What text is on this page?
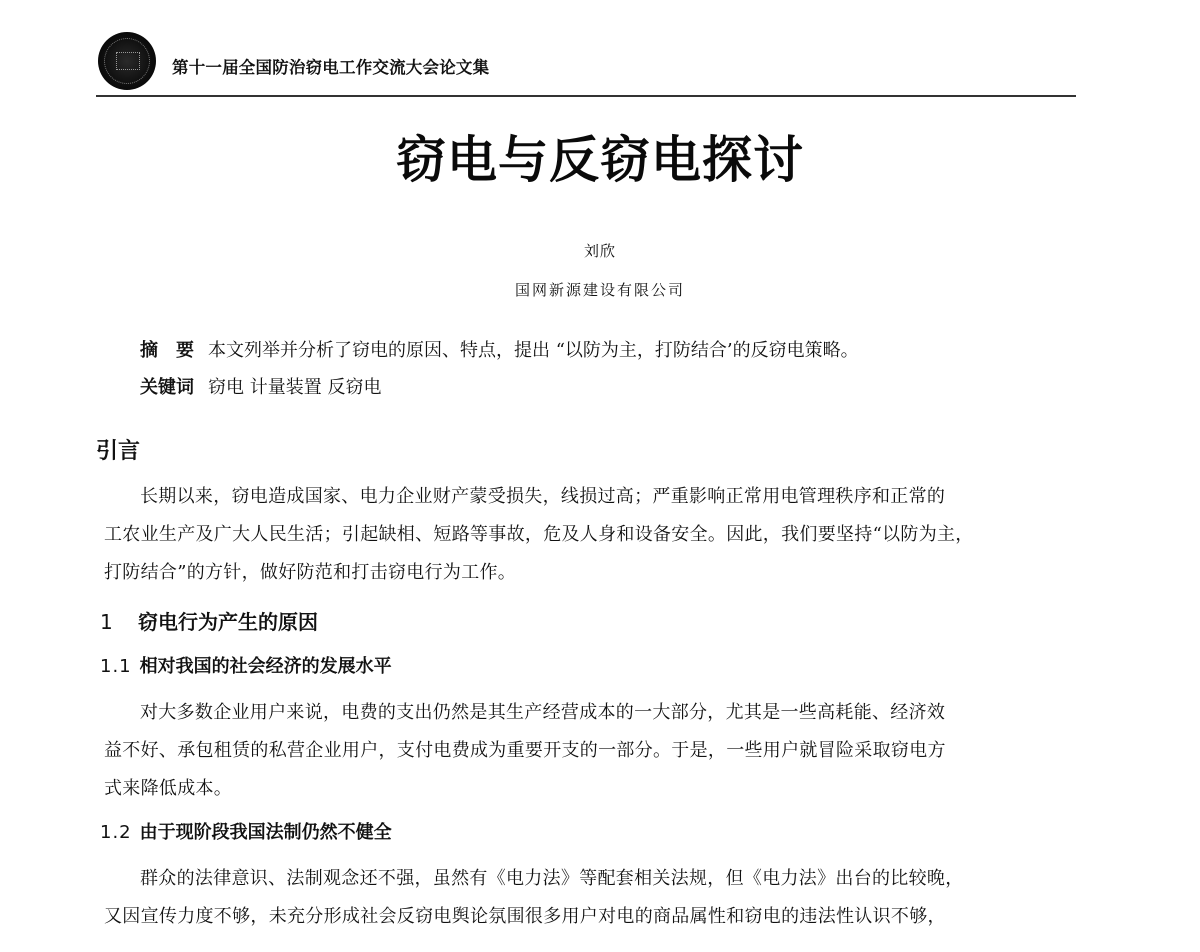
第十一届全国防治窃电工作交流大会论文集
窃电与反窃电探讨
刘欣
国网新源建设有限公司
摘　要 本文列举并分析了窃电的原因、特点，提出 “以防为主，打防结合’的反窃电策略。
关键词 窃电 计量装置 反窃电
引言
长期以来，窃电造成国家、电力企业财产蒙受损失，线损过高；严重影响正常用电管理秩序和正常的
工农业生产及广大人民生活；引起缺相、短路等事故，危及人身和设备安全。因此，我们要坚持“以防为主，
打防结合”的方针，做好防范和打击窃电行为工作。
1 窃电行为产生的原因
1.1 相对我国的社会经济的发展水平
对大多数企业用户来说，电费的支出仍然是其生产经营成本的一大部分，尤其是一些高耗能、经济效
益不好、承包租赁的私营企业用户，支付电费成为重要开支的一部分。于是，一些用户就冒险采取窃电方
式来降低成本。
1.2 由于现阶段我国法制仍然不健全
群众的法律意识、法制观念还不强，虽然有《电力法》等配套相关法规，但《电力法》出台的比较晚，
又因宣传力度不够，未充分形成社会反窃电舆论氛围很多用户对电的商品属性和窃电的违法性认识不够，
